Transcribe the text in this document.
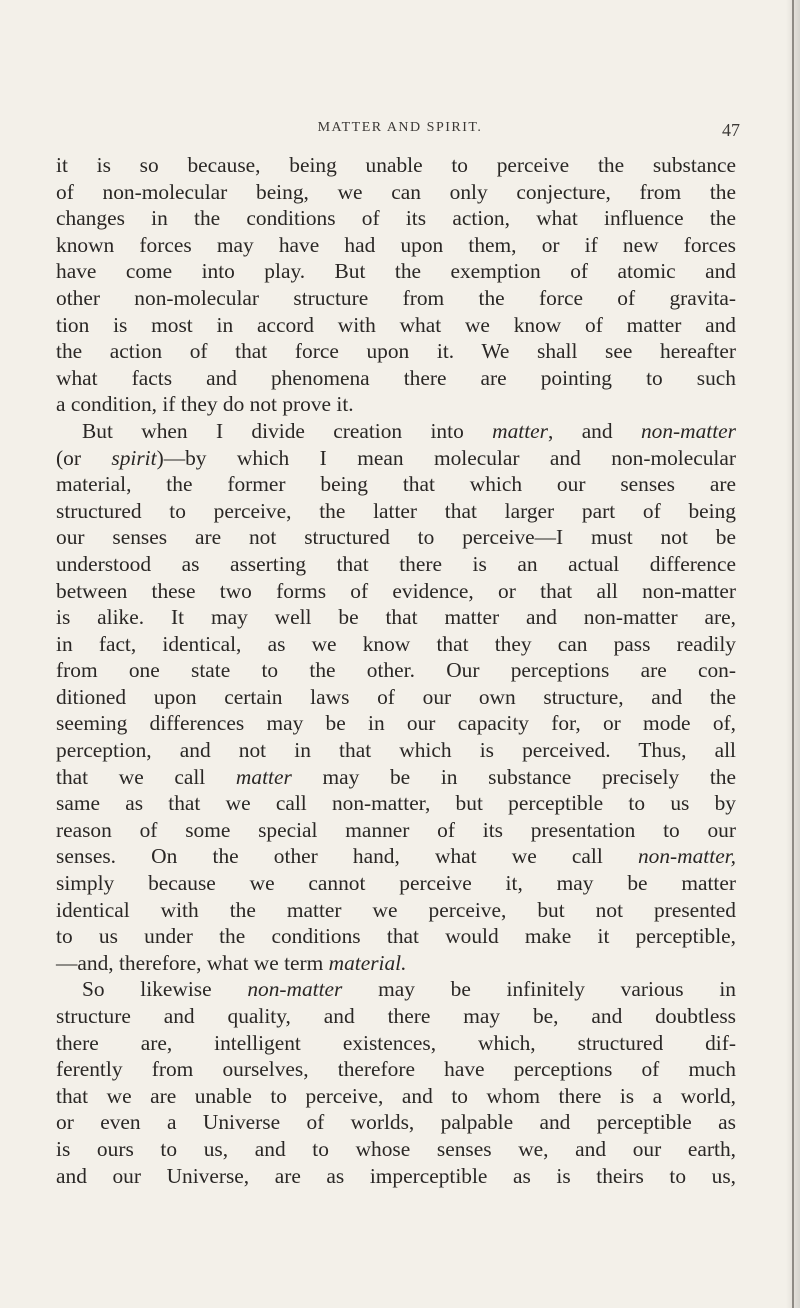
MATTER AND SPIRIT.	47
it is so because, being unable to perceive the substance
of non-molecular being, we can only conjecture, from the
changes in the conditions of its action, what influence the
known forces may have had upon them, or if new forces
have come into play. But the exemption of atomic and
other non-molecular structure from the force of gravita-
tion is most in accord with what we know of matter and
the action of that force upon it. We shall see hereafter
what facts and phenomena there are pointing to such
a condition, if they do not prove it.
But when I divide creation into matter, and non-matter
(or spirit)—by which I mean molecular and non-molecular
material, the former being that which our senses are
structured to perceive, the latter that larger part of being
our senses are not structured to perceive—I must not be
understood as asserting that there is an actual difference
between these two forms of evidence, or that all non-matter
is alike. It may well be that matter and non-matter are,
in fact, identical, as we know that they can pass readily
from one state to the other. Our perceptions are con-
ditioned upon certain laws of our own structure, and the
seeming differences may be in our capacity for, or mode of,
perception, and not in that which is perceived. Thus, all
that we call matter may be in substance precisely the
same as that we call non-matter, but perceptible to us by
reason of some special manner of its presentation to our
senses. On the other hand, what we call non-matter,
simply because we cannot perceive it, may be matter
identical with the matter we perceive, but not presented
to us under the conditions that would make it perceptible,
—and, therefore, what we term material.
So likewise non-matter may be infinitely various in
structure and quality, and there may be, and doubtless
there are, intelligent existences, which, structured dif-
ferently from ourselves, therefore have perceptions of much
that we are unable to perceive, and to whom there is a world,
or even a Universe of worlds, palpable and perceptible as
is ours to us, and to whose senses we, and our earth,
and our Universe, are as imperceptible as is theirs to us,
